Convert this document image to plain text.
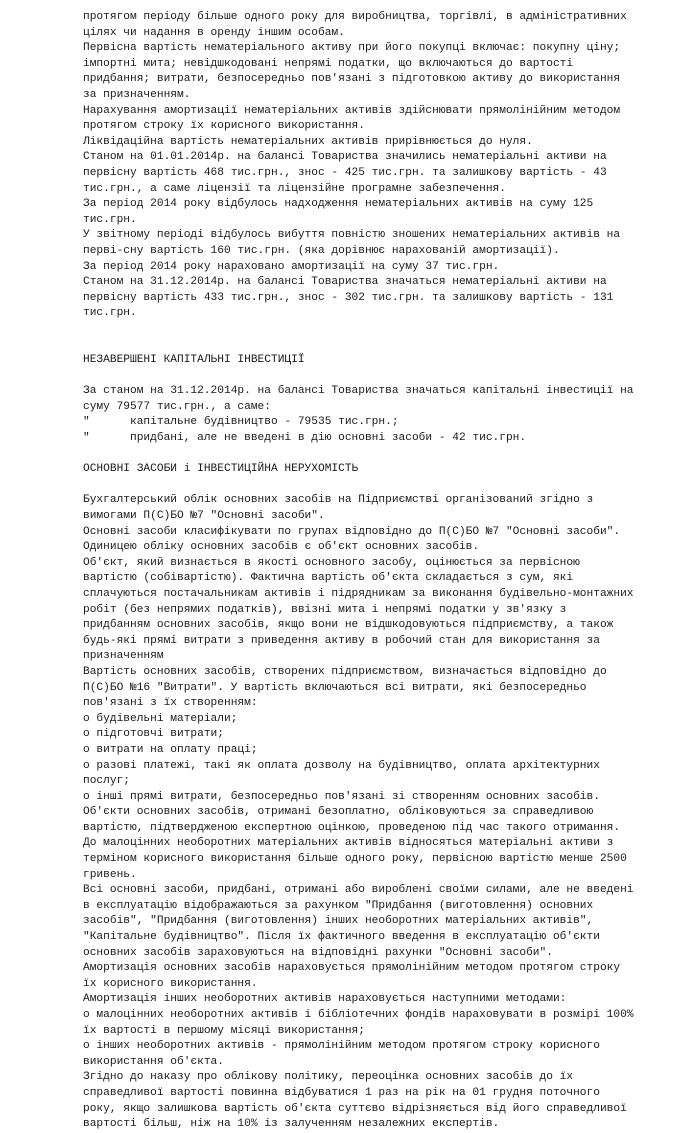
протягом періоду більше одного року для виробництва, торгівлі, в адміністративних
цілях чи надання в оренду іншим особам.
Первісна вартість нематеріального активу при його покупці включає: покупну ціну;
імпортні мита; невідшкодовані непрямі податки, що включаються до вартості
придбання; витрати, безпосередньо пов'язані з підготовкою активу до використання
за призначенням.
Нарахування амортизації нематеріальних активів здійснювати прямолінійним методом
протягом строку їх корисного використання.
Ліквідаційна вартість нематеріальних активів прирівнюється до нуля.
Станом на 01.01.2014р. на балансі Товариства значились нематеріальні активи на
первісну вартість 468 тис.грн., знос - 425 тис.грн. та залишкову вартість - 43
тис.грн., а саме ліцензії та ліцензійне програмне забезпечення.
За період 2014 року відбулось надходження нематеріальних активів на суму 125
тис.грн.
У звітному періоді відбулось вибуття повністю зношених нематеріальних активів на
перві-сну вартість 160 тис.грн. (яка дорівнює нарахованій амортизації).
За період 2014 року нараховано амортизації на суму 37 тис.грн.
Станом на 31.12.2014р. на балансі Товариства значаться нематеріальні активи на
первісну вартість 433 тис.грн., знос - 302 тис.грн. та залишкову вартість - 131
тис.грн.
НЕЗАВЕРШЕНІ КАПІТАЛЬНІ ІНВЕСТИЦІЇ
За станом на 31.12.2014р. на балансі Товариства значаться капітальні інвестиції на
суму 79577 тис.грн., а саме:
"      капітальне будівництво - 79535 тис.грн.;
"      придбані, але не введені в дію основні засоби - 42 тис.грн.
ОСНОВНІ ЗАСОБИ і ІНВЕСТИЦІЙНА НЕРУХОМІСТЬ
Бухгалтерський облік основних засобів на Підприємстві організований згідно з
вимогами П(С)БО №7 "Основні засоби".
Основні засоби класифікувати по групах відповідно до П(С)БО №7 "Основні засоби".
Одиницею обліку основних засобів є об'єкт основних засобів.
Об'єкт, який визнається в якості основного засобу, оцінюється за первісною
вартістю (собівартістю). Фактична вартість об'єкта складається з сум, які
сплачуються постачальникам активів і підрядникам за виконання будівельно-монтажних
робіт (без непрямих податків), ввізні мита і непрямі податки у зв'язку з
придбанням основних засобів, якщо вони не відшкодовуються підприємству, а також
будь-які прямі витрати з приведення активу в робочий стан для використання за
призначенням
Вартість основних засобів, створених підприємством, визначається відповідно до
П(С)БО №16 "Витрати". У вартість включаються всі витрати, які безпосередньо
пов'язані з їх створенням:
о будівельні матеріали;
о підготовчі витрати;
о витрати на оплату праці;
о разові платежі, такі як оплата дозволу на будівництво, оплата архітектурних
послуг;
о інші прямі витрати, безпосередньо пов'язані зі створенням основних засобів.
Об'єкти основних засобів, отримані безоплатно, обліковуються за справедливою
вартістю, підтвердженою експертною оцінкою, проведеною під час такого отримання.
До малоцінних необоротних матеріальних активів відносяться матеріальні активи з
терміном корисного використання більше одного року, первісною вартістю менше 2500
гривень.
Всі основні засоби, придбані, отримані або вироблені своїми силами, але не введені
в експлуатацію відображаються за рахунком "Придбання (виготовлення) основних
засобів", "Придбання (виготовлення) інших необоротних матеріальних активів",
"Капітальне будівництво". Після їх фактичного введення в експлуатацію об'єкти
основних засобів зараховуються на відповідні рахунки "Основні засоби".
Амортизація основних засобів нараховується прямолінійним методом протягом строку
їх корисного використання.
Амортизація інших необоротних активів нараховується наступними методами:
о малоцінних необоротних активів і бібліотечних фондів нараховувати в розмірі 100%
їх вартості в першому місяці використання;
о інших необоротних активів - прямолінійним методом протягом строку корисного
використання об'єкта.
Згідно до наказу про облікову політику, переоцінка основних засобів до їх
справедливої вартості повинна відбуватися 1 раз на рік на 01 грудня поточного
року, якщо залишкова вартість об'єкта суттєво відрізняється від його справедливої
вартості більш, ніж на 10% із залученням незалежних експертів.
